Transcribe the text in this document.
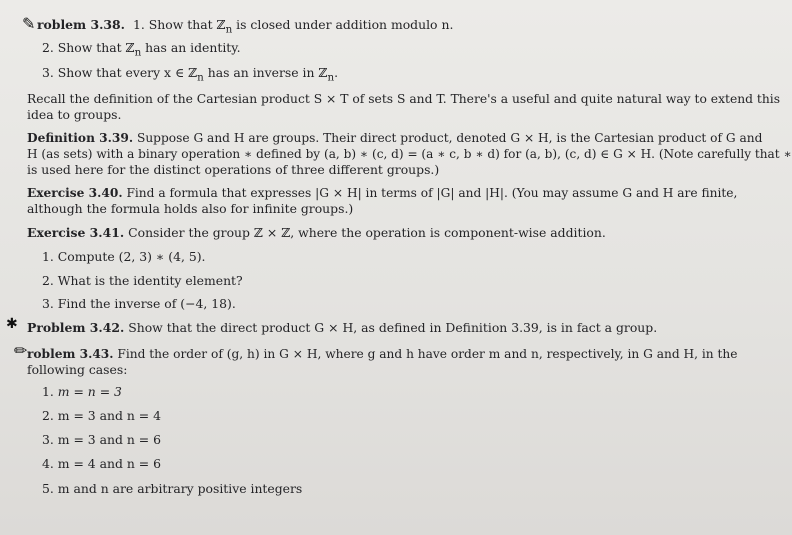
✎ roblem 3.38. 1. Show that ℤ$_n$ is closed under addition modulo n.
2. Show that ℤ$_n$ has an identity.
3. Show that every x ∈ ℤ$_n$ has an inverse in ℤ$_n$.
Recall the definition of the Cartesian product S × T of sets S and T. There's a useful and quite natural way to extend this
idea to groups.
Definition 3.39. Suppose G and H are groups. Their direct product, denoted G × H, is the Cartesian product of G and
H (as sets) with a binary operation ∗ defined by (a, b) ∗ (c, d) = (a ∗ c, b ∗ d) for (a, b), (c, d) ∈ G × H. (Note carefully that ∗
is used here for the distinct operations of three different groups.)
Exercise 3.40. Find a formula that expresses |G × H| in terms of |G| and |H|. (You may assume G and H are finite,
although the formula holds also for infinite groups.)
Exercise 3.41. Consider the group ℤ × ℤ, where the operation is component-wise addition.
1. Compute (2, 3) ∗ (4, 5).
2. What is the identity element?
3. Find the inverse of (−4, 18).
✱ Problem 3.42. Show that the direct product G × H, as defined in Definition 3.39, is in fact a group.
✏ roblem 3.43. Find the order of (g, h) in G × H, where g and h have order m and n, respectively, in G and H, in the
following cases:
1. m = n = 3
2. m = 3 and n = 4
3. m = 3 and n = 6
4. m = 4 and n = 6
5. m and n are arbitrary positive integers
